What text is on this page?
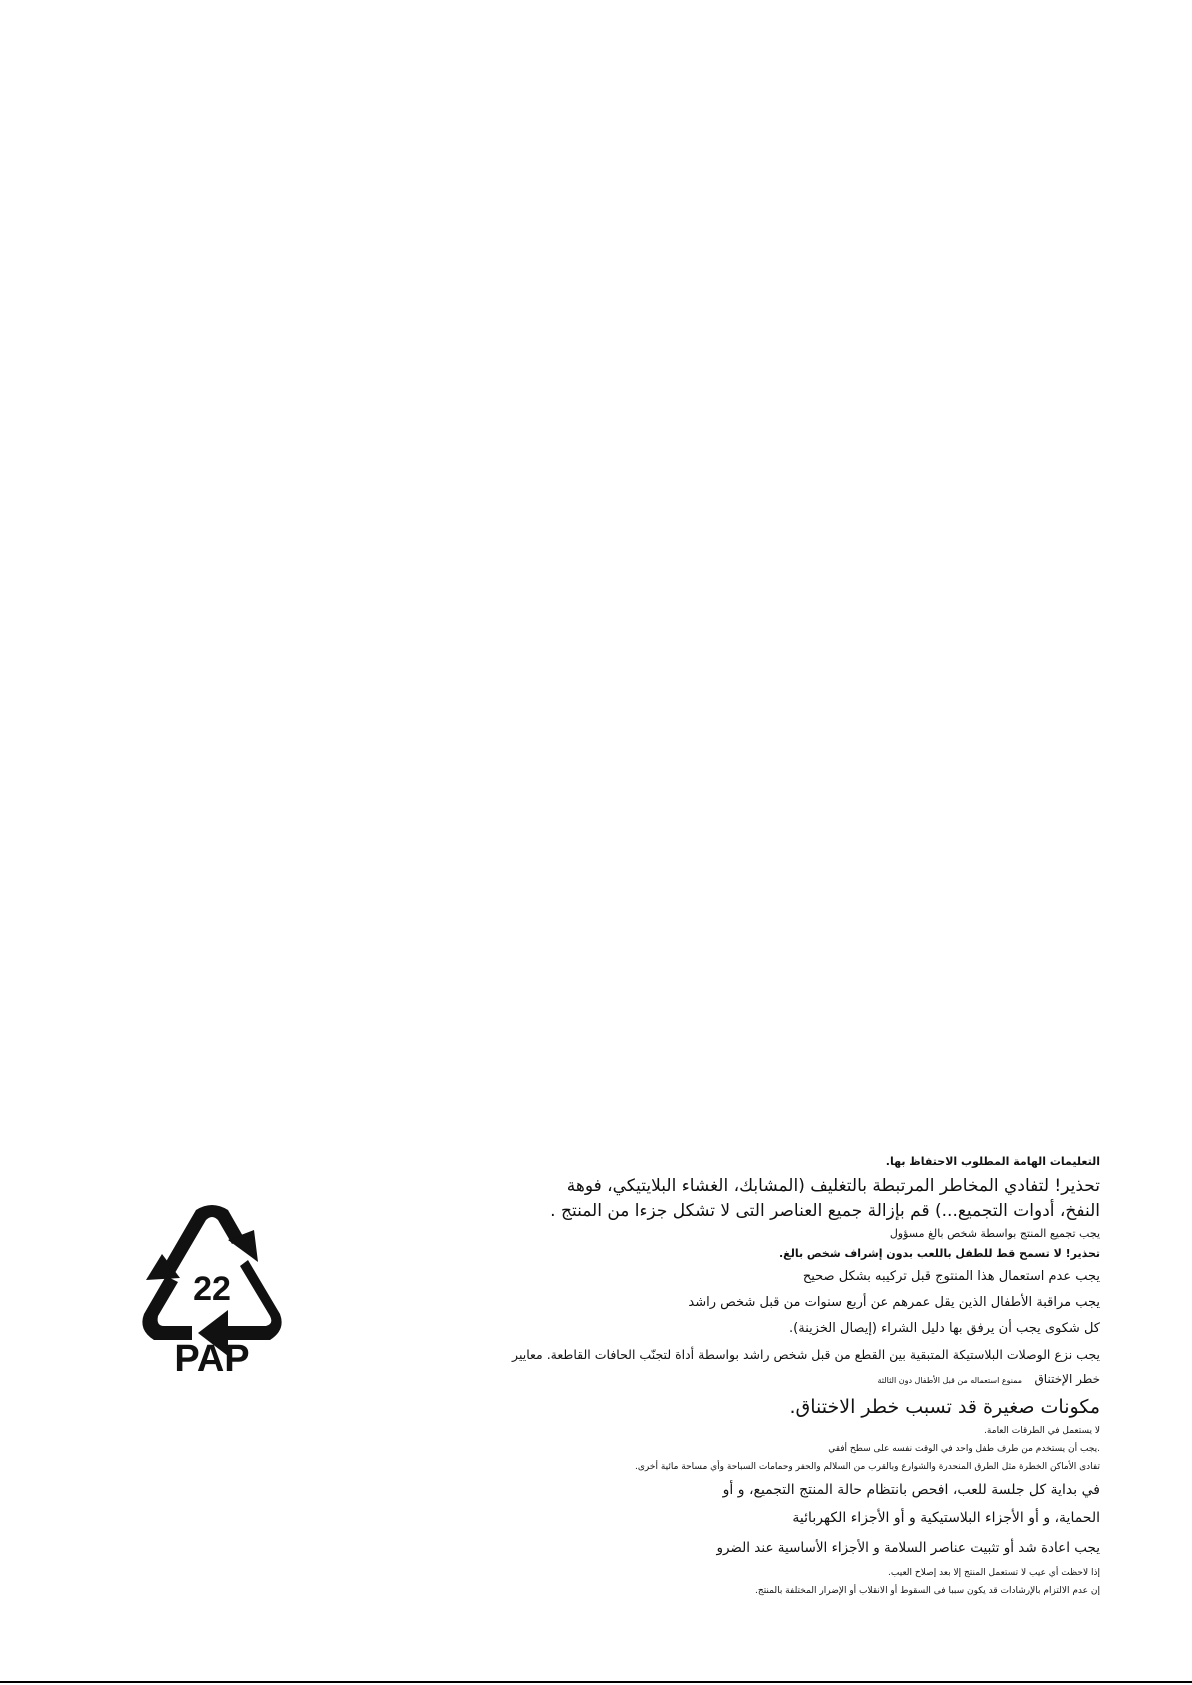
22
PAP

التعليمات الهامة المطلوب الاحتفاظ بها.

تحذير! لتفادي المخاطر المرتبطة بالتغليف (المشابك، الغشاء البلايتيكي، فوهة

النفخ، أدوات التجميع...) قم بإزالة جميع العناصر التى لا تشكل جزءا من المنتج .

يجب تجميع المنتج بواسطة شخص بالغ مسؤول

تحذير! لا تسمح قط للطفل باللعب بدون إشراف شخص بالغ.

يجب عدم استعمال هذا المنتوج قبل تركيبه بشكل صحيح

يجب مراقبة الأطفال الذين يقل عمرهم عن أربع سنوات من قبل شخص راشد

كل شكوى يجب أن يرفق بها دليل الشراء (إيصال الخزينة).

يجب نزع الوصلات البلاستيكة المتبقية بين القطع من قبل شخص راشد بواسطة أداة لتجنّب الحافات القاطعة. معايير

خطر الإختناق   ممنوع استعماله من قبل الأطفال دون الثالثة

مكونات صغيرة قد تسبب خطر الاختناق.

لا يستعمل في الطرقات العامة.

.يجب أن يستخدم من طرف طفل واحد في الوقت نفسه على سطح أفقي

تفادى الأماكن الخطرة مثل الطرق المنحدرة والشوارع وبالقرب من السلالم والحفر وحمامات السباحة وأي مساحة مائية أخرى.

في بداية كل جلسة للعب، افحص بانتظام حالة المنتج التجميع، و أو

الحماية، و أو الأجزاء البلاستيكية و أو الأجزاء الكهربائية

يجب اعادة شد أو تثبيت عناصر السلامة و الأجزاء الأساسية عند الضرو

إذا لاحظت أي عيب لا تستعمل المنتج إلا بعد إصلاح العيب.

إن عدم الالتزام بالإرشادات قد يكون سببا فى السقوط أو الانقلاب أو الإضرار المختلفة بالمنتج.
